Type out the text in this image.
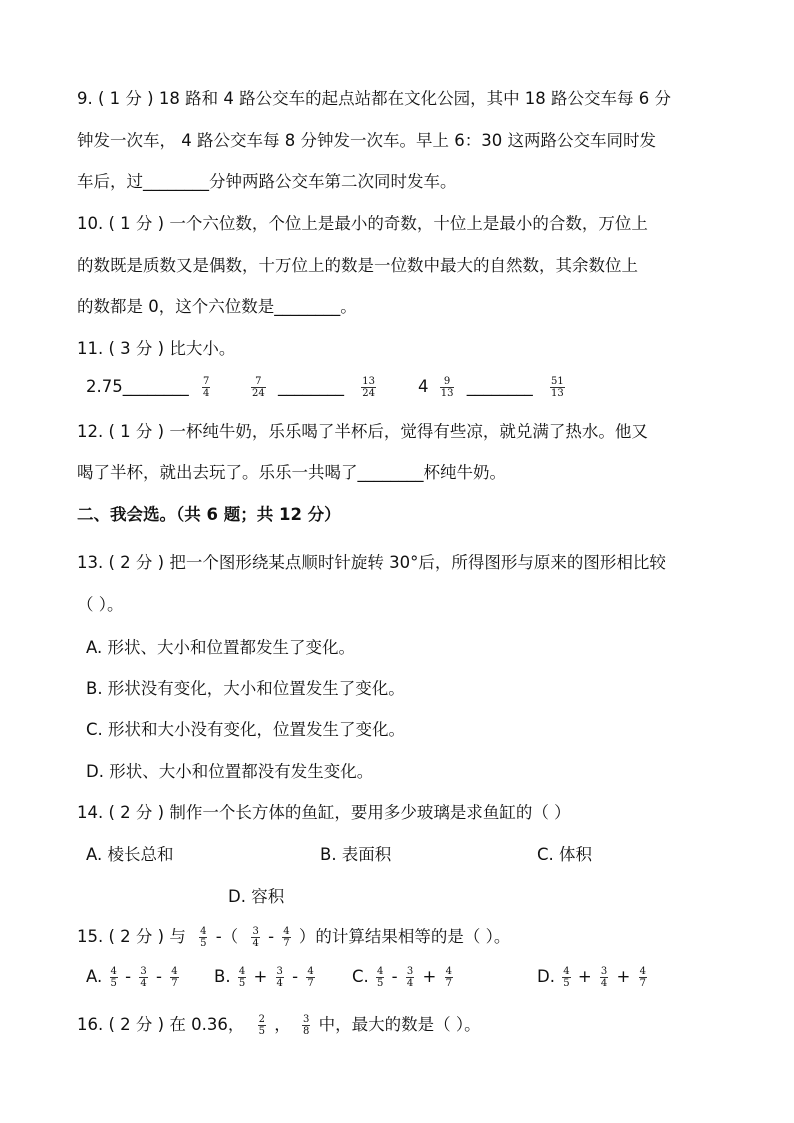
9. ( 1 分 ) 18 路和 4 路公交车的起点站都在文化公园，其中 18 路公交车每 6 分
钟发一次车， 4 路公交车每 8 分钟发一次车。早上 6：30 这两路公交车同时发
车后，过________分钟两路公交车第二次同时发车。
10. ( 1 分 ) 一个六位数，个位上是最小的奇数，十位上是最小的合数，万位上
的数既是质数又是偶数，十万位上的数是一位数中最大的自然数，其余数位上
的数都是 0，这个六位数是________。
11. ( 3 分 ) 比大小。
2.75________ $\frac{7}{4}$	$\frac{7}{24}$ ________ $\frac{13}{24}$	$4 \frac{9}{13}$ ________ $\frac{51}{13}$
12. ( 1 分 ) 一杯纯牛奶，乐乐喝了半杯后，觉得有些凉，就兑满了热水。他又
喝了半杯，就出去玩了。乐乐一共喝了________杯纯牛奶。
二、我会选。（共 6 题；共 12 分）
13. ( 2 分 ) 把一个图形绕某点顺时针旋转 30°后，所得图形与原来的图形相比较
（ ）。
A. 形状、大小和位置都发生了变化。
B. 形状没有变化，大小和位置发生了变化。
C. 形状和大小没有变化，位置发生了变化。
D. 形状、大小和位置都没有发生变化。
14. ( 2 分 ) 制作一个长方体的鱼缸，要用多少玻璃是求鱼缸的（ ）
A. 棱长总和	B. 表面积	C. 体积
D. 容积
15. ( 2 分 ) 与 $\frac{4}{5}$ -（ $\frac{3}{4} - \frac{4}{7}$ ）的计算结果相等的是（ ）。
A. $\frac{4}{5} - \frac{3}{4} - \frac{4}{7} B$. $\frac{4}{5} + \frac{3}{4} - \frac{4}{7} C$. $\frac{4}{5} - \frac{3}{4} + \frac{4}{7}$	D. $\frac{4}{5} + \frac{3}{4} + \frac{4}{7}$
16. ( 2 分 ) 在 0.36， $\frac{2}{5}$ ， $\frac{3}{8}$ 中，最大的数是（ ）。
